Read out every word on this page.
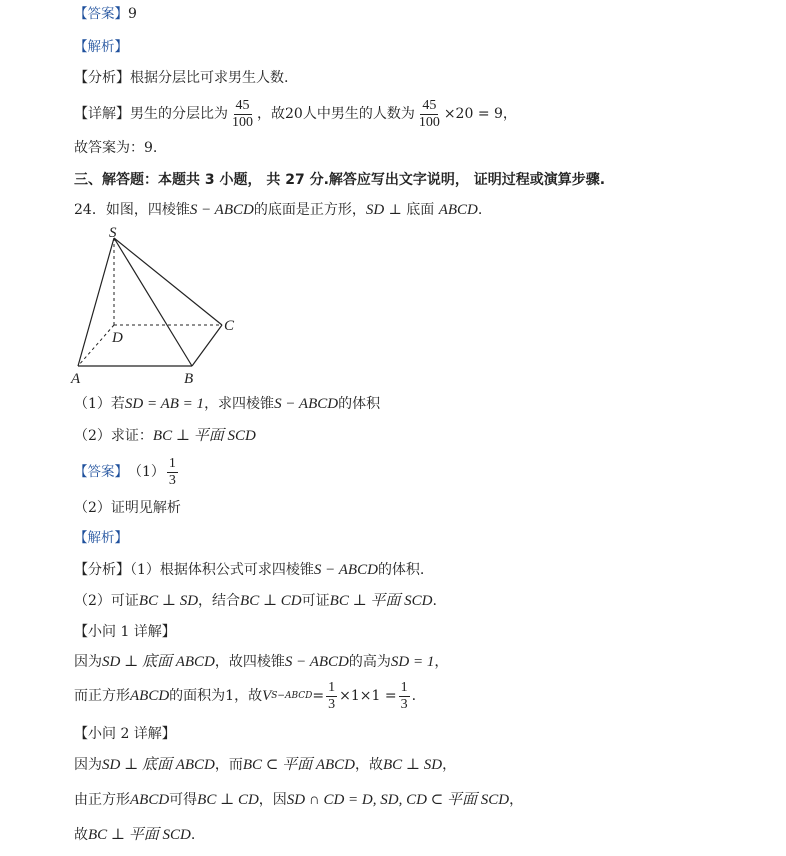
【答案】9
【解析】
【分析】根据分层比可求男生人数.
【详解】 男生的分层比为 $\frac{45}{100}$ ，故20人中男生的人数为 $\frac{45}{100} \times 20 = 9$，
故答案为：9.
三、解答题：本题共 3 小题， 共 27 分.解答应写出文字说明， 证明过程或演算步骤.
24．如图，四棱锥S − ABCD的底面是正方形，SD ⊥ 底面 ABCD.
S
D
C
A	B
（1）若SD = AB = 1，求四棱锥S − ABCD的体积
（2）求证：BC ⊥ 平面 SCD
【答案】 $(1) \frac{1}{3}$
（2）证明见解析
【解析】
【分析】（1）根据体积公式可求四棱锥S − ABCD的体积.
（2）可证BC ⊥ SD，结合BC ⊥ CD可证BC ⊥ 平面 SCD.
【小问 1 详解】
因为SD ⊥ 底面 ABCD，故四棱锥S − ABCD的高为SD = 1，
而正方形 ABCD 的面积为1，故 V S−ABCD = $\frac{1}{3} \times 1\times 1 = \frac{1}{3}$ .
【小问 2 详解】
因为SD ⊥ 底面 ABCD，而BC ⊂ 平面 ABCD，故BC ⊥ SD，
由正方形ABCD可得BC ⊥ CD，因SD ∩ CD = D, SD, CD ⊂ 平面 SCD，
故BC ⊥ 平面 SCD.
